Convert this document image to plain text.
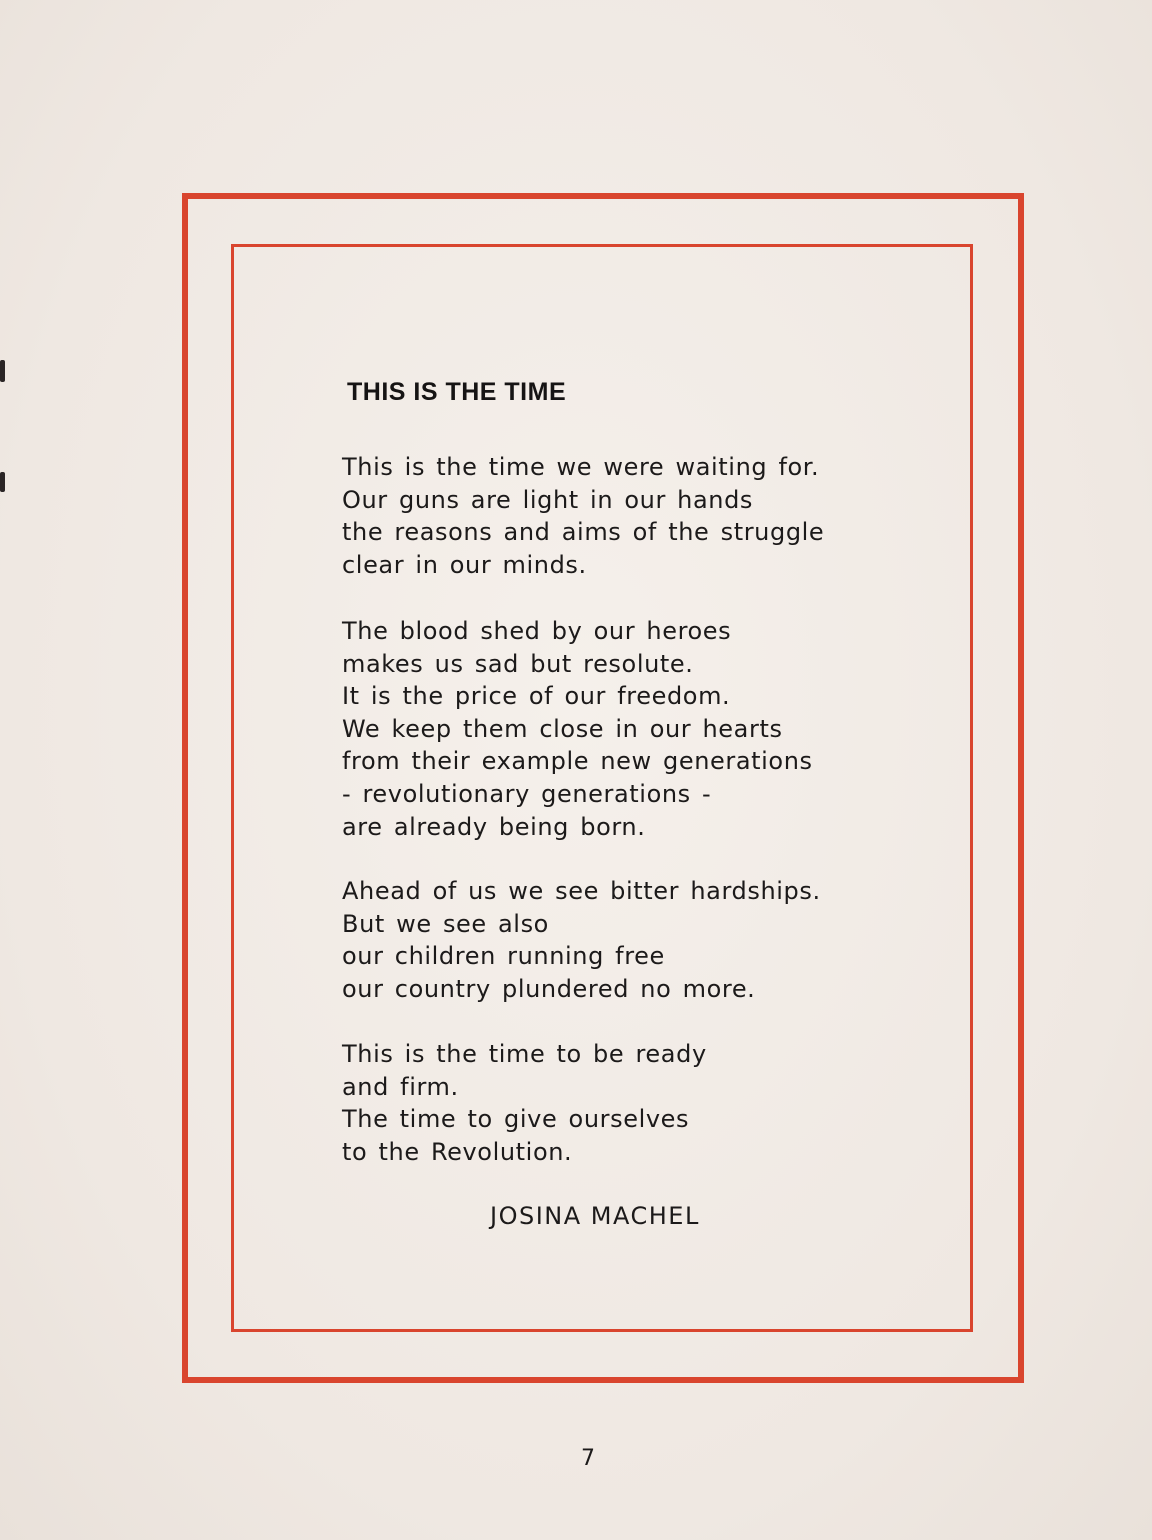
THIS IS THE TIME

This is the time we were waiting for.
Our guns are light in our hands
the reasons and aims of the struggle
clear in our minds.

The blood shed by our heroes
makes us sad but resolute.
It is the price of our freedom.
We keep them close in our hearts
from their example new generations
- revolutionary generations -
are already being born.

Ahead of us we see bitter hardships.
But we see also
our children running free
our country plundered no more.

This is the time to be ready
and firm.
The time to give ourselves
to the Revolution.

JOSINA MACHEL

7
